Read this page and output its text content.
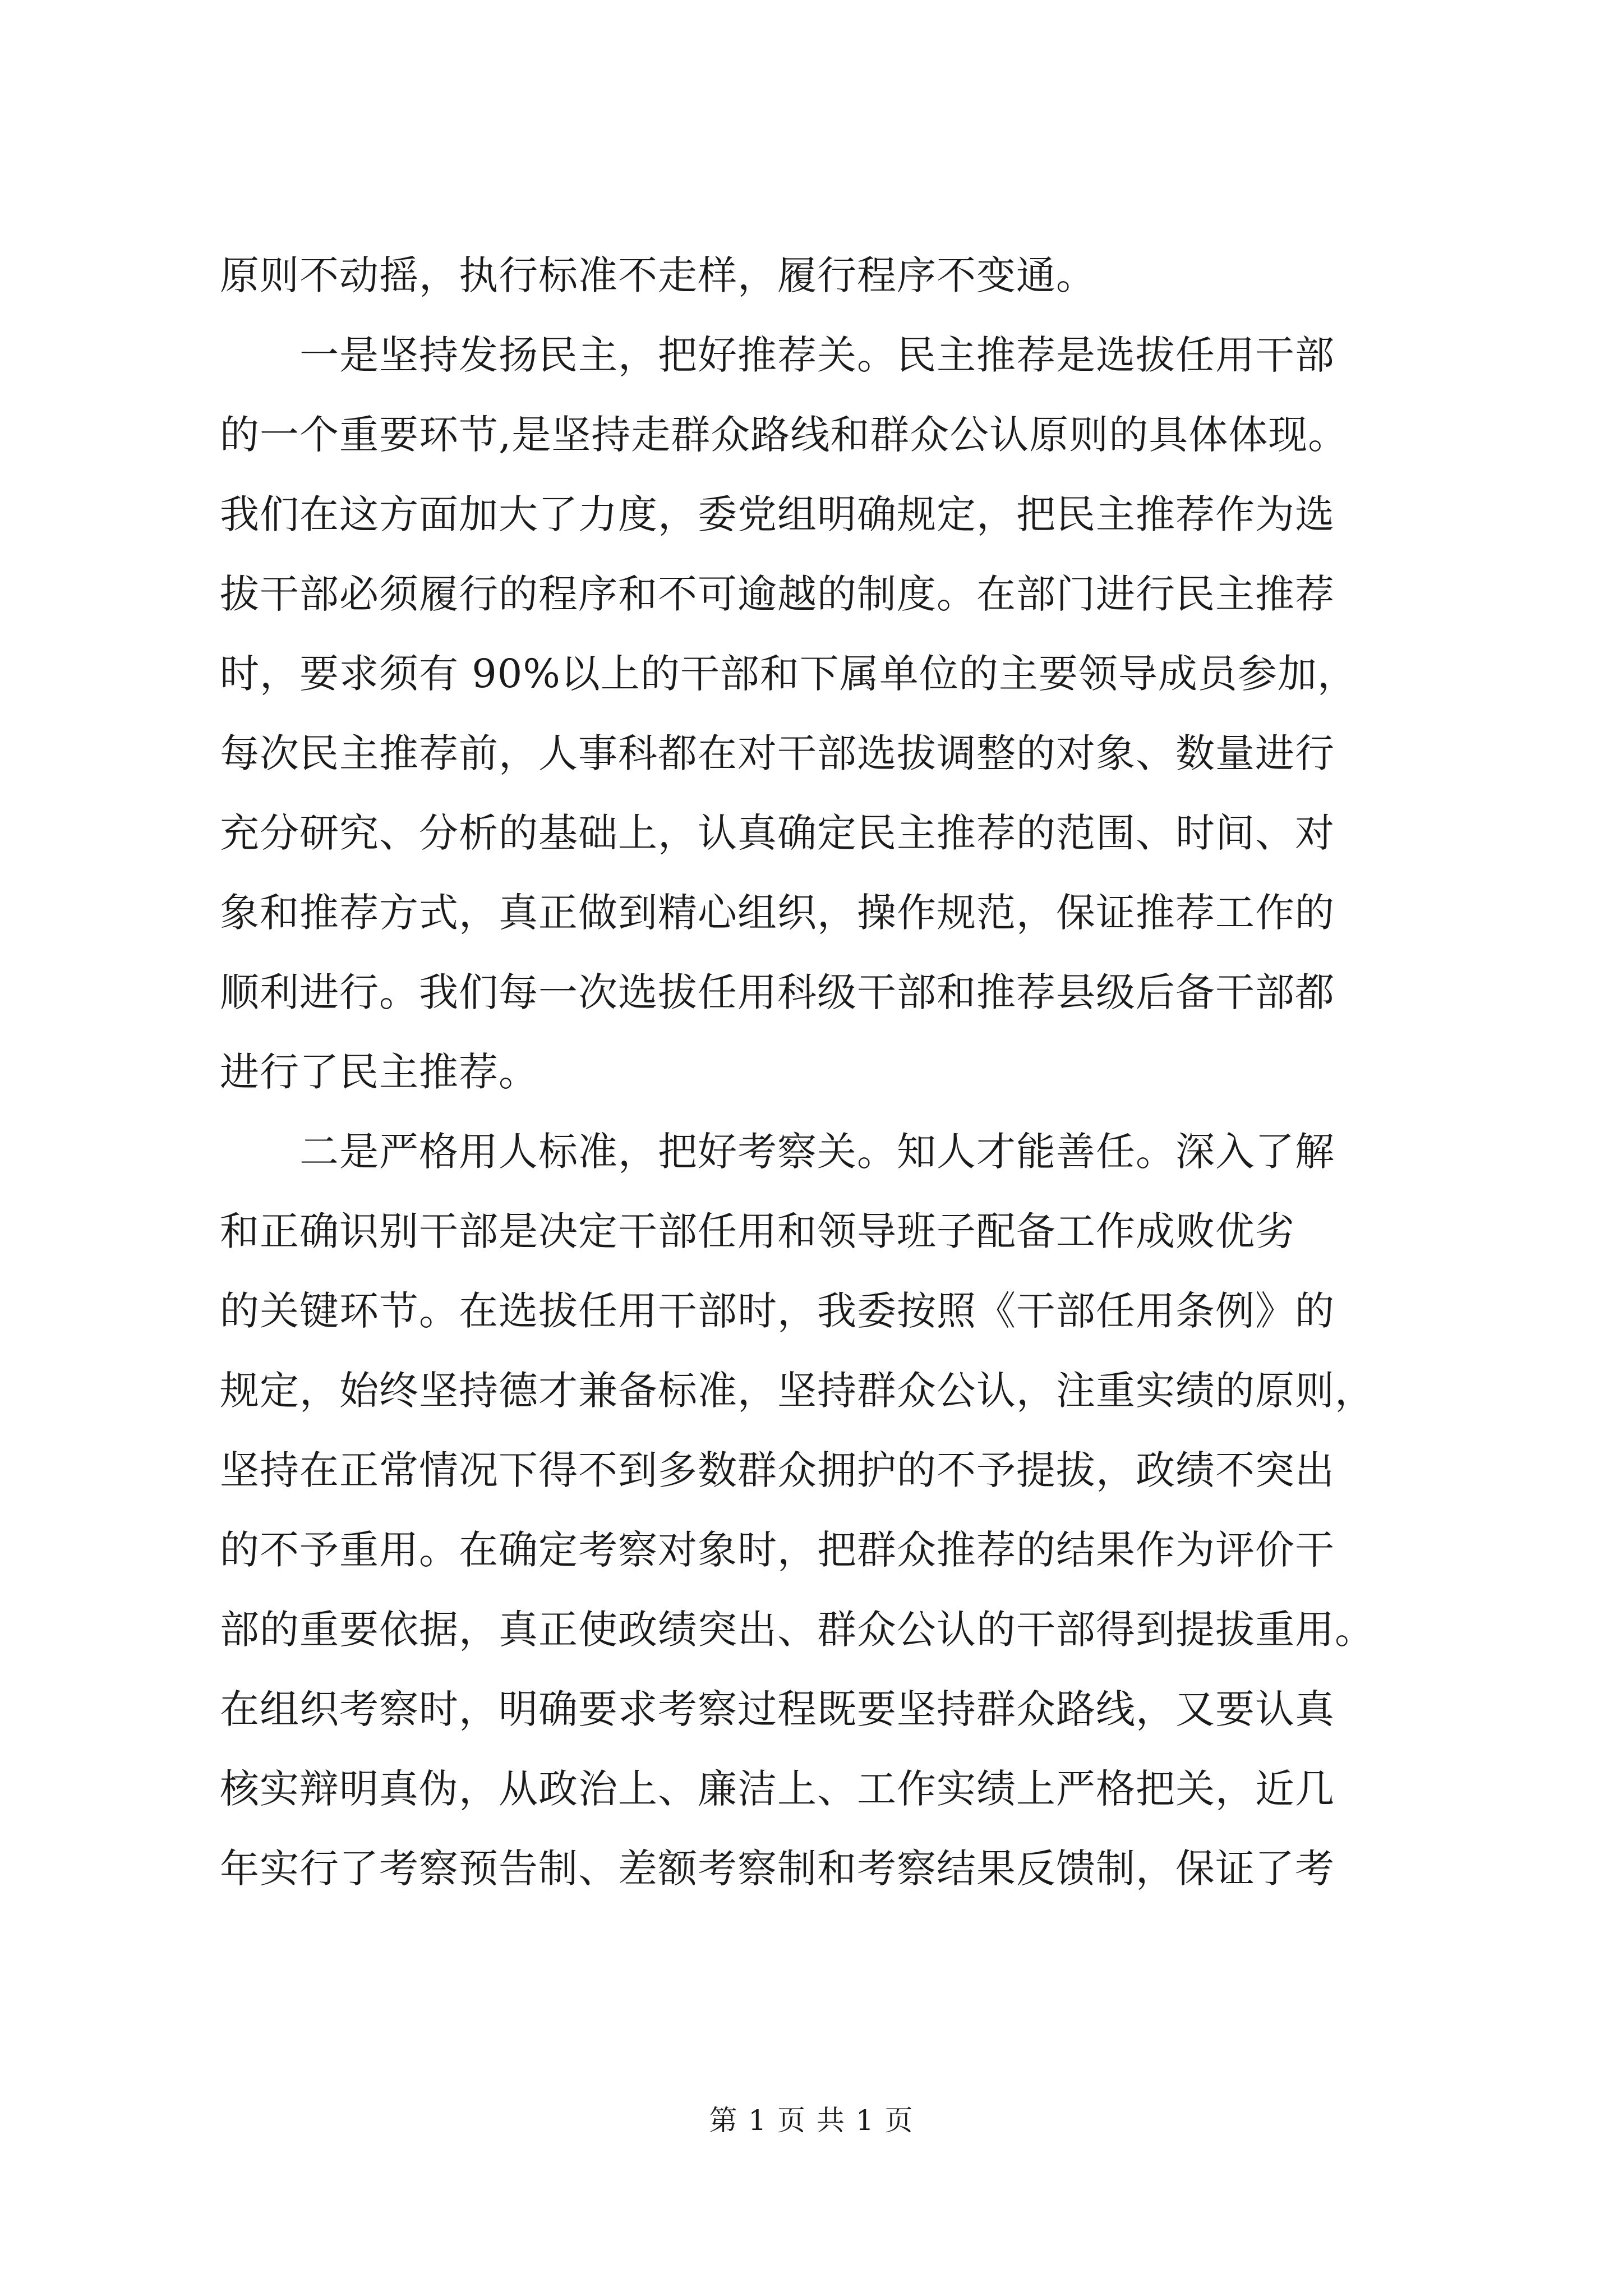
原则不动摇，执行标准不走样，履行程序不变通。
　　一是坚持发扬民主，把好推荐关。民主推荐是选拔任用干部
的一个重要环节,是坚持走群众路线和群众公认原则的具体体现。
我们在这方面加大了力度，委党组明确规定，把民主推荐作为选
拔干部必须履行的程序和不可逾越的制度。在部门进行民主推荐
时，要求须有 90%以上的干部和下属单位的主要领导成员参加，
每次民主推荐前，人事科都在对干部选拔调整的对象、数量进行
充分研究、分析的基础上，认真确定民主推荐的范围、时间、对
象和推荐方式，真正做到精心组织，操作规范，保证推荐工作的
顺利进行。我们每一次选拔任用科级干部和推荐县级后备干部都
进行了民主推荐。
　　二是严格用人标准，把好考察关。知人才能善任。深入了解
和正确识别干部是决定干部任用和领导班子配备工作成败优劣
的关键环节。在选拔任用干部时，我委按照《干部任用条例》的
规定，始终坚持德才兼备标准，坚持群众公认，注重实绩的原则，
坚持在正常情况下得不到多数群众拥护的不予提拔，政绩不突出
的不予重用。在确定考察对象时，把群众推荐的结果作为评价干
部的重要依据，真正使政绩突出、群众公认的干部得到提拔重用。
在组织考察时，明确要求考察过程既要坚持群众路线，又要认真
核实辩明真伪，从政治上、廉洁上、工作实绩上严格把关，近几
年实行了考察预告制、差额考察制和考察结果反馈制，保证了考
第 1 页 共 1 页
